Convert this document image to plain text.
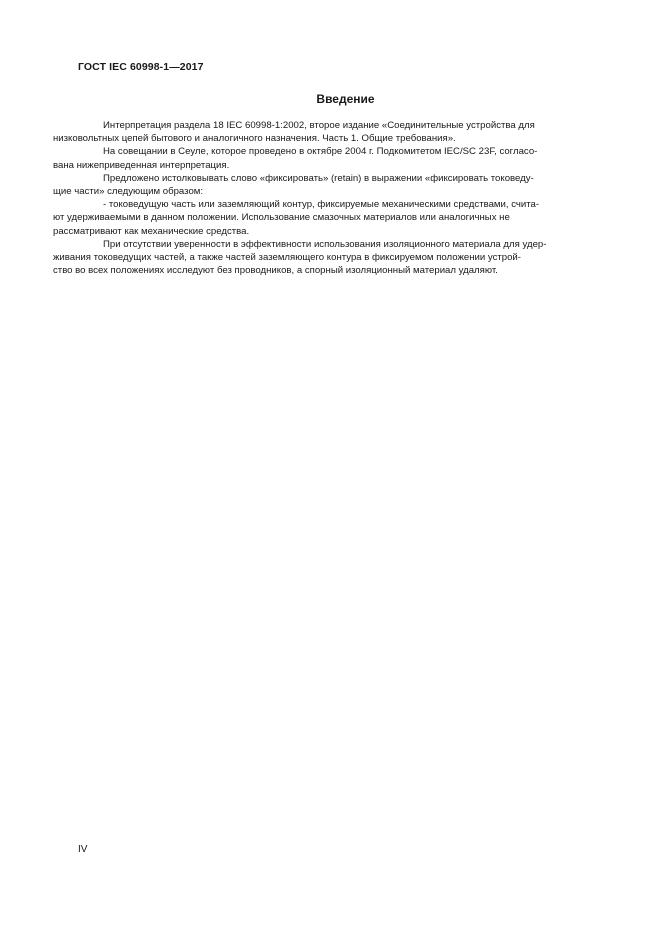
ГОСТ IEC 60998-1—2017
Введение

Интерпретация раздела 18 IEC 60998-1:2002, второе издание «Соединительные устройства для
низковольтных цепей бытового и аналогичного назначения. Часть 1. Общие требования».

На совещании в Сеуле, которое проведено в октябре 2004 г. Подкомитетом IEC/SC 23F, согласо-
вана нижеприведенная интерпретация.

Предложено истолковывать слово «фиксировать» (retain) в выражении «фиксировать токоведу-
щие части» следующим образом:

- токоведущую часть или заземляющий контур, фиксируемые механическими средствами, счита-
ют удерживаемыми в данном положении. Использование смазочных материалов или аналогичных не
рассматривают как механические средства.

При отсутствии уверенности в эффективности использования изоляционного материала для удер-
живания токоведущих частей, а также частей заземляющего контура в фиксируемом положении устрой-
ство во всех положениях исследуют без проводников, а спорный изоляционный материал удаляют.

IV
